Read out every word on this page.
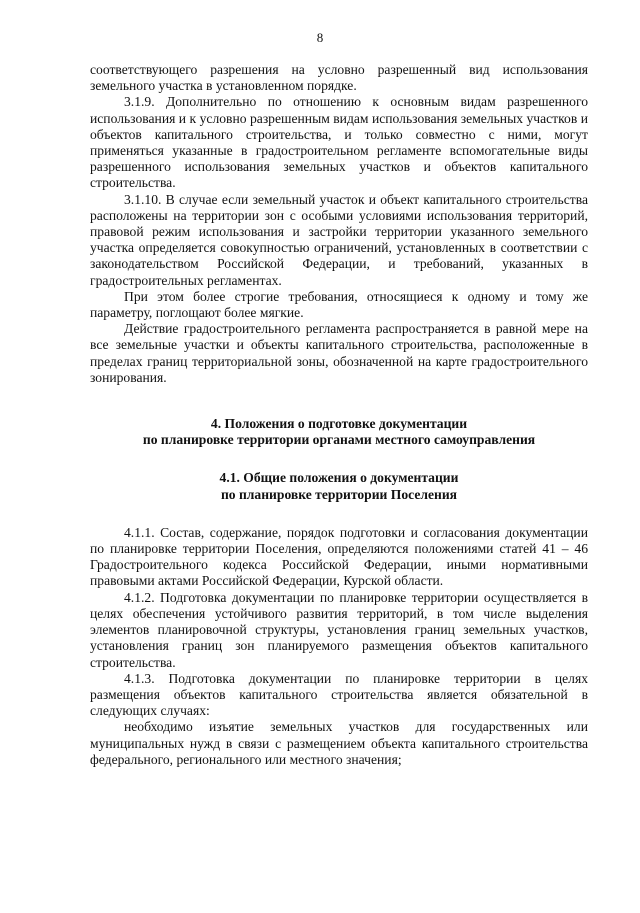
8

соответствующего разрешения на условно разрешенный вид использования земельного участка в установленном порядке.

3.1.9. Дополнительно по отношению к основным видам разрешенного использования и к условно разрешенным видам использования земельных участков и объектов капитального строительства, и только совместно с ними, могут применяться указанные в градостроительном регламенте вспомогательные виды разрешенного использования земельных участков и объектов капитального строительства.

3.1.10. В случае если земельный участок и объект капитального строительства расположены на территории зон с особыми условиями использования территорий, правовой режим использования и застройки территории указанного земельного участка определяется совокупностью ограничений, установленных в соответствии с законодательством Российской Федерации, и требований, указанных в градостроительных регламентах.

При этом более строгие требования, относящиеся к одному и тому же параметру, поглощают более мягкие.

Действие градостроительного регламента распространяется в равной мере на все земельные участки и объекты капитального строительства, расположенные в пределах границ территориальной зоны, обозначенной на карте градостроительного зонирования.

4. Положения о подготовке документации

по планировке территории органами местного самоуправления

4.1. Общие положения о документации

по планировке территории Поселения

4.1.1. Состав, содержание, порядок подготовки и согласования документации по планировке территории Поселения, определяются положениями статей 41 – 46 Градостроительного кодекса Российской Федерации, иными нормативными правовыми актами Российской Федерации, Курской области.

4.1.2. Подготовка документации по планировке территории осуществляется в целях обеспечения устойчивого развития территорий, в том числе выделения элементов планировочной структуры, установления границ земельных участков, установления границ зон планируемого размещения объектов капитального строительства.

4.1.3. Подготовка документации по планировке территории в целях размещения объектов капитального строительства является обязательной в следующих случаях:

необходимо изъятие земельных участков для государственных или муниципальных нужд в связи с размещением объекта капитального строительства федерального, регионального или местного значения;
